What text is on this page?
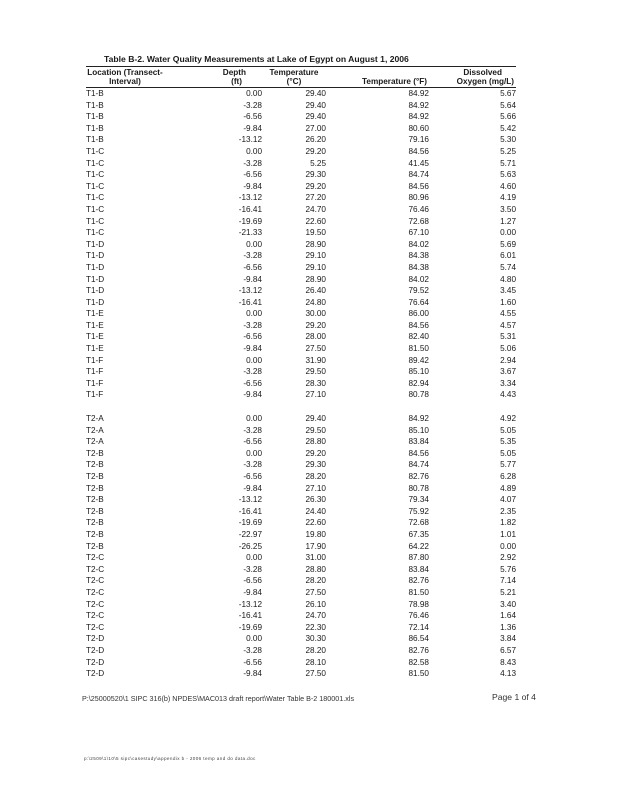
Table B-2. Water Quality Measurements at Lake of Egypt on August 1, 2006
Location (Transect-	Depth	Temperature		Dissolved
Interval)	(ft)	(°C)	Temperature (°F)	Oxygen (mg/L)
T1-B	0.00	29.40	84.92	5.67
T1-B	-3.28	29.40	84.92	5.64
T1-B	-6.56	29.40	84.92	5.66
T1-B	-9.84	27.00	80.60	5.42
T1-B	-13.12	26.20	79.16	5.30
T1-C	0.00	29.20	84.56	5.25
T1-C	-3.28	5.25	41.45	5.71
T1-C	-6.56	29.30	84.74	5.63
T1-C	-9.84	29.20	84.56	4.60
T1-C	-13.12	27.20	80.96	4.19
T1-C	-16.41	24.70	76.46	3.50
T1-C	-19.69	22.60	72.68	1.27
T1-C	-21.33	19.50	67.10	0.00
T1-D	0.00	28.90	84.02	5.69
T1-D	-3.28	29.10	84.38	6.01
T1-D	-6.56	29.10	84.38	5.74
T1-D	-9.84	28.90	84.02	4.80
T1-D	-13.12	26.40	79.52	3.45
T1-D	-16.41	24.80	76.64	1.60
T1-E	0.00	30.00	86.00	4.55
T1-E	-3.28	29.20	84.56	4.57
T1-E	-6.56	28.00	82.40	5.31
T1-E	-9.84	27.50	81.50	5.06
T1-F	0.00	31.90	89.42	2.94
T1-F	-3.28	29.50	85.10	3.67
T1-F	-6.56	28.30	82.94	3.34
T1-F	-9.84	27.10	80.78	4.43

T2-A	0.00	29.40	84.92	4.92
T2-A	-3.28	29.50	85.10	5.05
T2-A	-6.56	28.80	83.84	5.35
T2-B	0.00	29.20	84.56	5.05
T2-B	-3.28	29.30	84.74	5.77
T2-B	-6.56	28.20	82.76	6.28
T2-B	-9.84	27.10	80.78	4.89
T2-B	-13.12	26.30	79.34	4.07
T2-B	-16.41	24.40	75.92	2.35
T2-B	-19.69	22.60	72.68	1.82
T2-B	-22.97	19.80	67.35	1.01
T2-B	-26.25	17.90	64.22	0.00
T2-C	0.00	31.00	87.80	2.92
T2-C	-3.28	28.80	83.84	5.76
T2-C	-6.56	28.20	82.76	7.14
T2-C	-9.84	27.50	81.50	5.21
T2-C	-13.12	26.10	78.98	3.40
T2-C	-16.41	24.70	76.46	1.64
T2-C	-19.69	22.30	72.14	1.36
T2-D	0.00	30.30	86.54	3.84
T2-D	-3.28	28.20	82.76	6.57
T2-D	-6.56	28.10	82.58	8.43
T2-D	-9.84	27.50	81.50	4.13
P:\25000520\1 SIPC 316(b) NPDES\MAC013 draft report\Water Table B-2 180001.xls	Page 1 of 4
p:\2509\1\10\5 sipc\casestudy\appendix b - 2006 temp and do data.doc
